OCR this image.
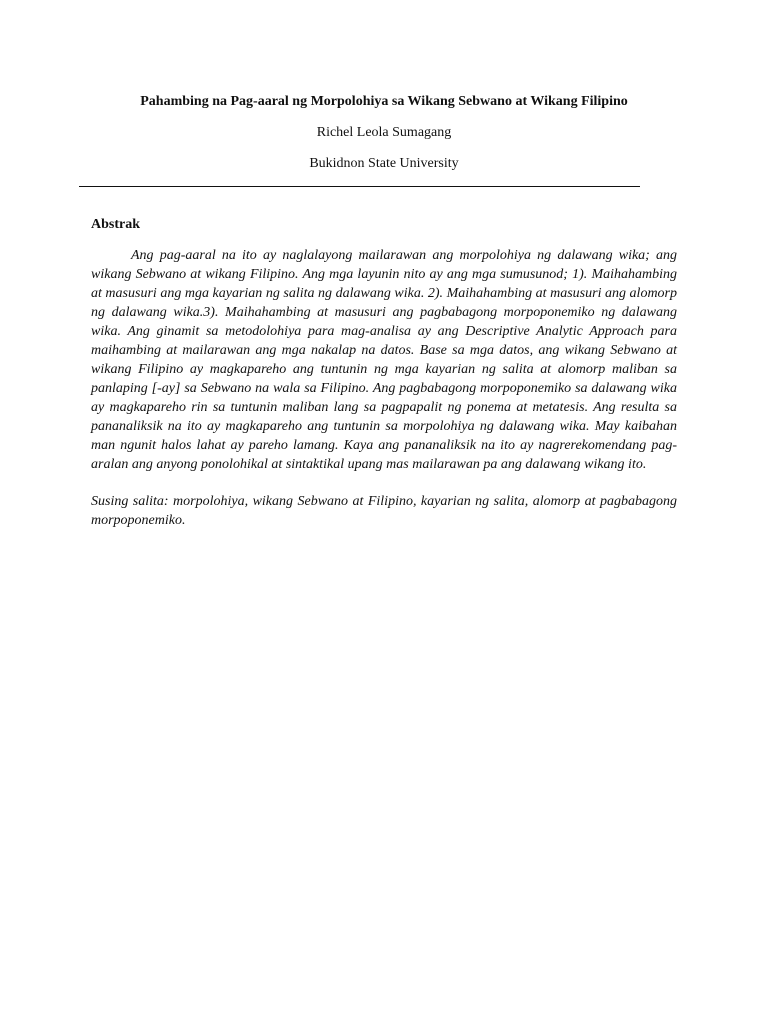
Pahambing na Pag-aaral ng Morpolohiya sa Wikang Sebwano at Wikang Filipino
Richel Leola Sumagang
Bukidnon State University
Abstrak

Ang pag-aaral na ito ay naglalayong mailarawan ang morpolohiya ng dalawang wika; ang wikang Sebwano at wikang Filipino. Ang mga layunin nito ay ang mga sumusunod; 1). Maihahambing at masusuri ang mga kayarian ng salita ng dalawang wika. 2). Maihahambing at masusuri ang alomorp ng dalawang wika.3). Maihahambing at masusuri ang pagbabagong morpoponemiko ng dalawang wika. Ang ginamit sa metodolohiya para mag-analisa ay ang Descriptive Analytic Approach para maihambing at mailarawan ang mga nakalap na datos. Base sa mga datos, ang wikang Sebwano at wikang Filipino ay magkapareho ang tuntunin ng mga kayarian ng salita at alomorp maliban sa panlaping [-ay] sa Sebwano na wala sa Filipino. Ang pagbabagong morpoponemiko sa dalawang wika ay magkapareho rin sa tuntunin maliban lang sa pagpapalit ng ponema at metatesis. Ang resulta sa pananaliksik na ito ay magkapareho ang tuntunin sa morpolohiya ng dalawang wika. May kaibahan man ngunit halos lahat ay pareho lamang. Kaya ang pananaliksik na ito ay nagrerekomendang pag-aralan ang anyong ponolohikal at sintaktikal upang mas mailarawan pa ang dalawang wikang ito.

Susing salita: morpolohiya, wikang Sebwano at Filipino, kayarian ng salita, alomorp at pagbabagong morpoponemiko.
